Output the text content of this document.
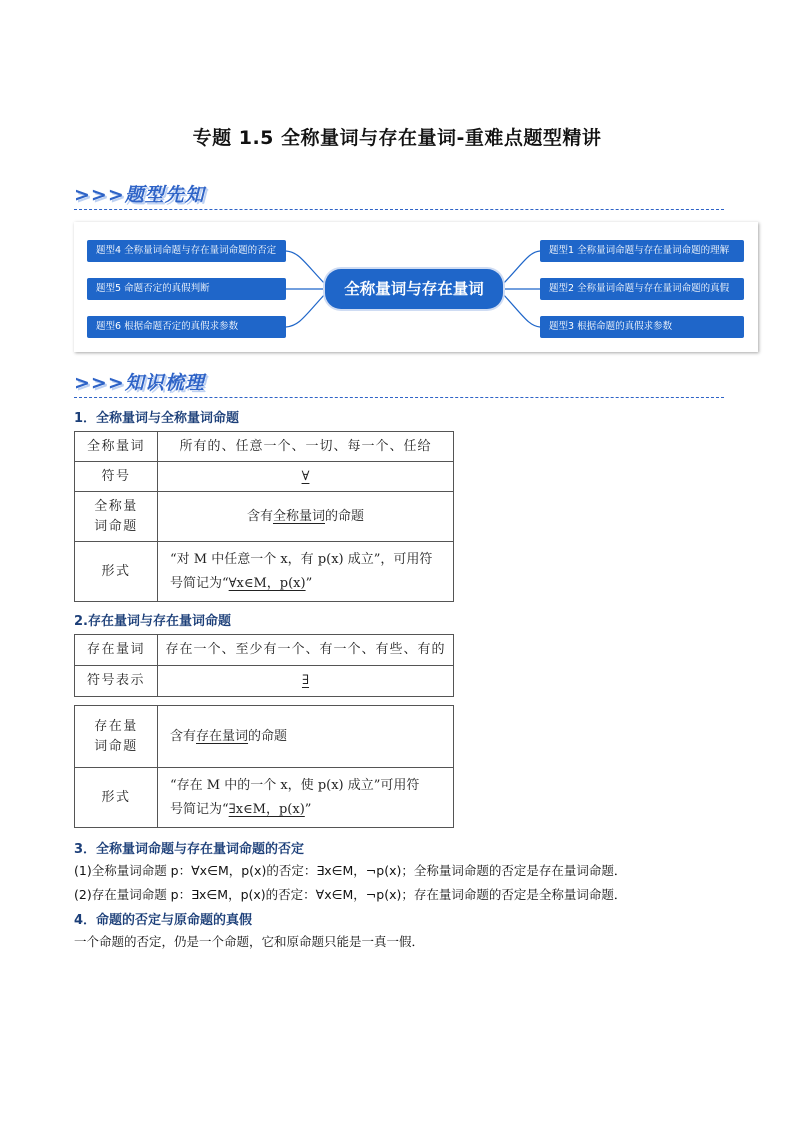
专题 1.5 全称量词与存在量词-重难点题型精讲
>>>题型先知
题型4 全称量词命题与存在量词命题的否定
题型5 命题否定的真假判断
题型6 根据命题否定的真假求参数
全称量词与存在量词
题型1 全称量词命题与存在量词命题的理解
题型2 全称量词命题与存在量词命题的真假
题型3 根据命题的真假求参数
>>>知识梳理
1．全称量词与全称量词命题
全称量词	所有的、任意一个、一切、每一个、任给
符号	∀

全称量
词命题	含有全称量词的命题
形式	“对 M 中任意一个 x，有 p(x) 成立”，可用符
号简记为“∀x∈M，p(x)”
2.存在量词与存在量词命题
存在量词	存在一个、至少有一个、有一个、有些、有的
符号表示	∃
存在量
词命题	含有存在量词的命题
形式	“存在 M 中的一个 x，使 p(x) 成立”可用符
号简记为“∃x∈M，p(x)”
3．全称量词命题与存在量词命题的否定
(1)全称量词命题 p：∀x∈M，p(x)的否定：∃x∈M，¬p(x)；全称量词命题的否定是存在量词命题．
(2)存在量词命题 p：∃x∈M，p(x)的否定：∀x∈M，¬p(x)；存在量词命题的否定是全称量词命题．
4．命题的否定与原命题的真假
一个命题的否定，仍是一个命题，它和原命题只能是一真一假．
